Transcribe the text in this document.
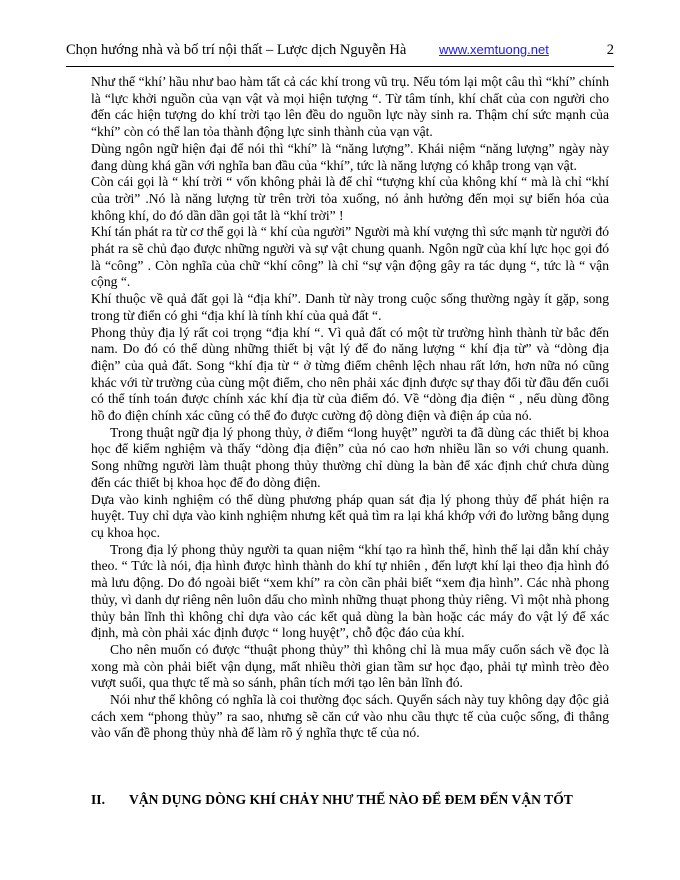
Chọn hướng nhà và bố trí nội thất – Lược dịch Nguyễn Hà	www.xemtuong.net	2

Như thế “khí’ hầu như bao hàm tất cả các khí trong vũ trụ. Nếu tóm lại một câu thì “khí” chính là “lực khởi nguồn của vạn vật và mọi hiện tượng “. Từ tâm tính, khí chất của con người cho đến các hiện tượng do khí trời tạo lên đều do nguồn lực này sinh ra. Thậm chí sức mạnh của “khí” còn có thể lan tỏa thành động lực sinh thành của vạn vật.

Dùng ngôn ngữ hiện đại để nói thì “khí” là “năng lượng”. Khái niệm “năng lượng” ngày này đang dùng khá gần với nghĩa ban đầu của “khí”, tức là năng lượng có khắp trong vạn vật.

Còn cái gọi là “ khí trời “ vốn không phải là để chỉ “tượng khí của không khí “ mà là chỉ “khí của trời” .Nó là năng lượng từ trên trời tỏa xuống, nó ảnh hưởng đến mọi sự biến hóa của không khí, do đó dần dần gọi tắt là “khí trời” !

Khí tán phát ra từ cơ thể gọi là “ khí của người” Người mà khí vượng thì sức mạnh từ người đó phát ra sẽ chủ đạo được những người và sự vật chung quanh. Ngôn ngữ của khí lực học gọi đó là “công” . Còn nghĩa của chữ “khí công” là chỉ “sự vận động gây ra tác dụng “, tức là “ vận cộng “.

Khí thuộc về quả đất gọi là “địa khí”. Danh từ này trong cuộc sống thường ngày ít gặp, song trong từ điển có ghi “địa khí là tính khí của quả đất “.

Phong thủy địa lý rất coi trọng “địa khí “. Vì quả đất có một từ trường hình thành từ bắc đến nam. Do đó có thể dùng những thiết bị vật lý để đo năng lượng “ khí địa từ” và “dòng địa điện” của quả đất. Song “khí địa từ “ ở từng điểm chênh lệch nhau rất lớn, hơn nữa nó cũng khác với từ trường của cùng một điểm, cho nên phải xác định được sự thay đổi từ đầu đến cuối có thể tính toán được chính xác khí địa từ của điểm đó. Về “dòng địa điện “ , nếu dùng đồng hồ đo điện chính xác cũng có thể đo được cường độ dòng điện và điện áp của nó.

Trong thuật ngữ địa lý phong thủy, ở điểm “long huyệt” người ta đã dùng các thiết bị khoa học để kiểm nghiệm và thấy “dòng địa điện” của nó cao hơn nhiều lần so với chung quanh. Song những người làm thuật phong thủy thường chỉ dùng la bàn để xác định chứ chưa dùng đến các thiết bị khoa học để đo dòng điện.

Dựa vào kinh nghiệm có thể dùng phương pháp quan sát địa lý phong thủy để phát hiện ra huyệt. Tuy chỉ dựa vào kinh nghiệm nhưng kết quả tìm ra lại khá khớp với đo lường bằng dụng cụ khoa học.

Trong địa lý phong thủy người ta quan niệm “khí tạo ra hình thế, hình thế lại dẫn khí chảy theo. “ Tức là nói, địa hình được hình thành do khí tự nhiên , đến lượt khí lại theo địa hình đó mà lưu động. Do đó ngoài biết “xem khí” ra còn cần phải biết “xem địa hình”. Các nhà phong thủy, vì danh dự riêng nên luôn dấu cho mình những thuạt phong thủy riêng. Vì một nhà phong thủy bản lĩnh thì không chỉ dựa vào các kết quả dùng la bàn hoặc các máy đo vật lý để xác định, mà còn phải xác định được “ long huyệt”, chỗ độc đáo của khí.

Cho nên muốn có được “thuật phong thủy” thì không chỉ là mua mấy cuốn sách về đọc là xong mà còn phải biết vận dụng, mất nhiều thời gian tầm sư học đạo, phải tự mình trèo đèo vượt suối, qua thực tế mà so sánh, phân tích mới tạo lên bản lĩnh đó.

Nói như thế không có nghĩa là coi thường đọc sách. Quyển sách này tuy không dạy độc giả cách xem “phong thủy” ra sao, nhưng sẽ căn cứ vào nhu cầu thực tế của cuộc sống, đi thẳng vào vấn đề phong thủy nhà để làm rõ ý nghĩa thực tế của nó.

II. VẬN DỤNG DÒNG KHÍ CHẢY NHƯ THẾ NÀO ĐỂ ĐEM ĐẾN VẬN TỐT
